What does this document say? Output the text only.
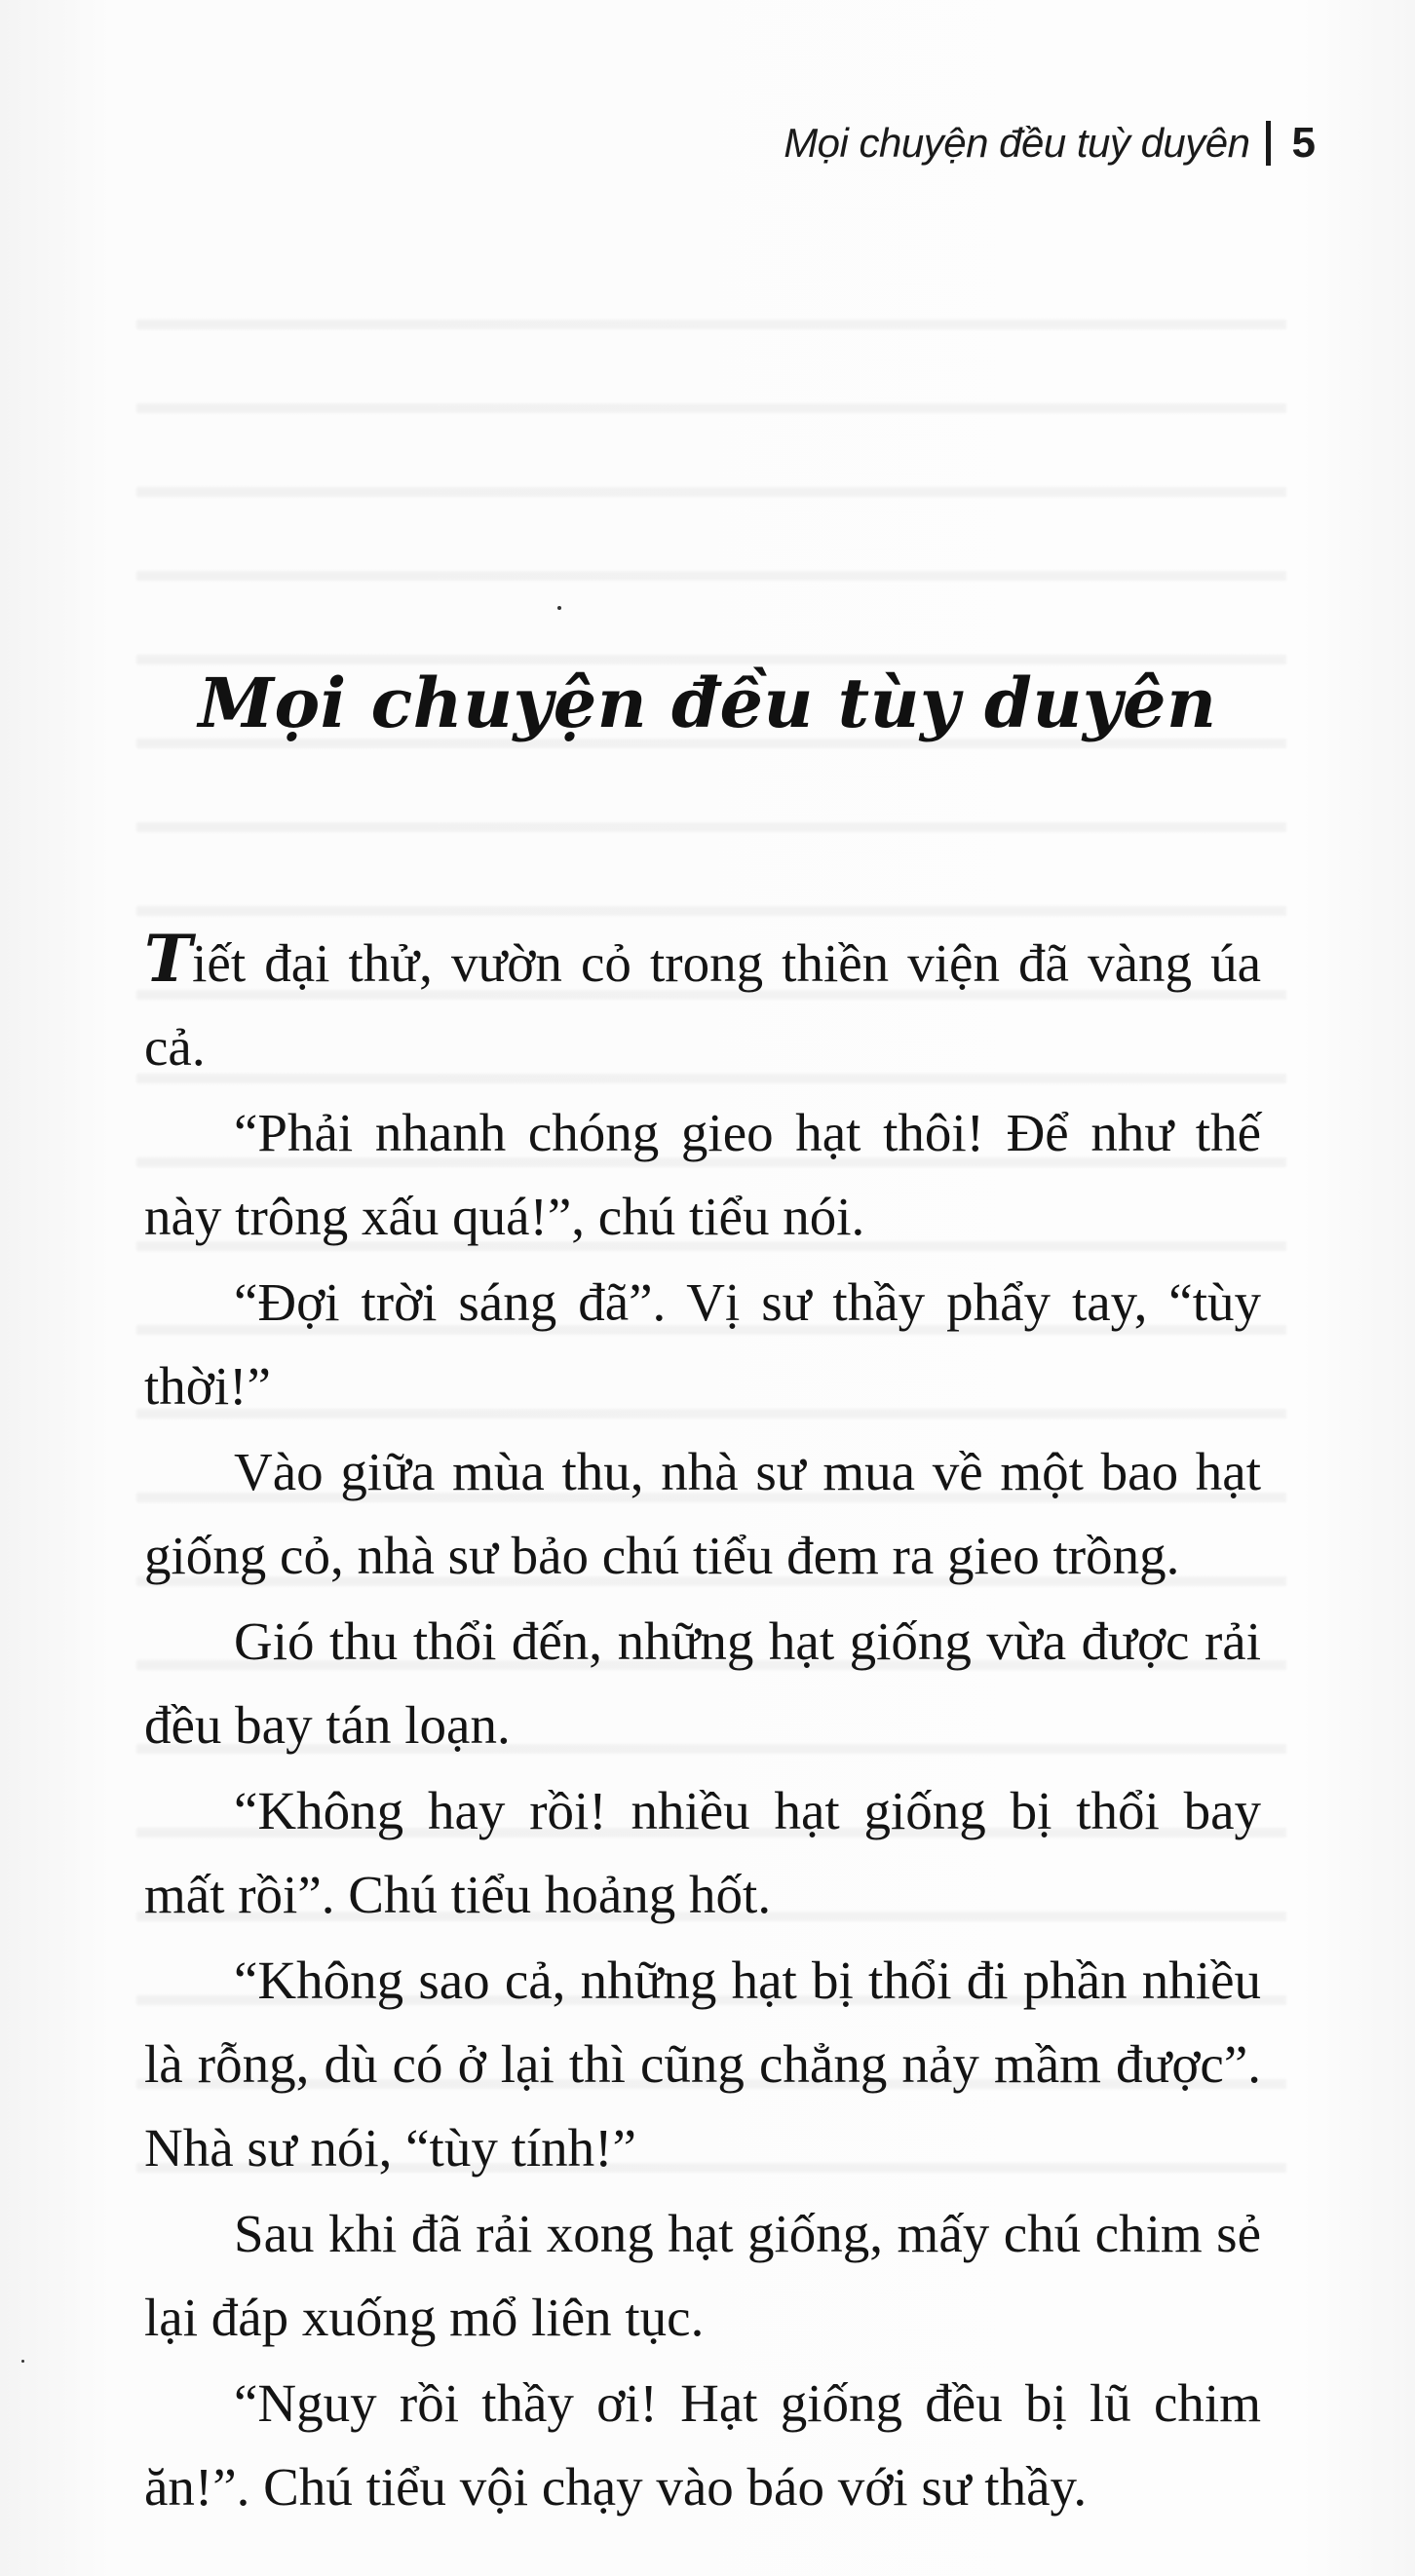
Mọi chuyện đều tuỳ duyên 5
Mọi chuyện đều tùy duyên

Tiết đại thử, vườn cỏ trong thiền viện đã vàng úa cả.

“Phải nhanh chóng gieo hạt thôi! Để như thế này trông xấu quá!”, chú tiểu nói.

“Đợi trời sáng đã”. Vị sư thầy phẩy tay, “tùy thời!”

Vào giữa mùa thu, nhà sư mua về một bao hạt giống cỏ, nhà sư bảo chú tiểu đem ra gieo trồng.

Gió thu thổi đến, những hạt giống vừa được rải đều bay tán loạn.

“Không hay rồi! nhiều hạt giống bị thổi bay mất rồi”. Chú tiểu hoảng hốt.

“Không sao cả, những hạt bị thổi đi phần nhiều là rỗng, dù có ở lại thì cũng chẳng nảy mầm được”. Nhà sư nói, “tùy tính!”

Sau khi đã rải xong hạt giống, mấy chú chim sẻ lại đáp xuống mổ liên tục.

“Nguy rồi thầy ơi! Hạt giống đều bị lũ chim ăn!”. Chú tiểu vội chạy vào báo với sư thầy.
